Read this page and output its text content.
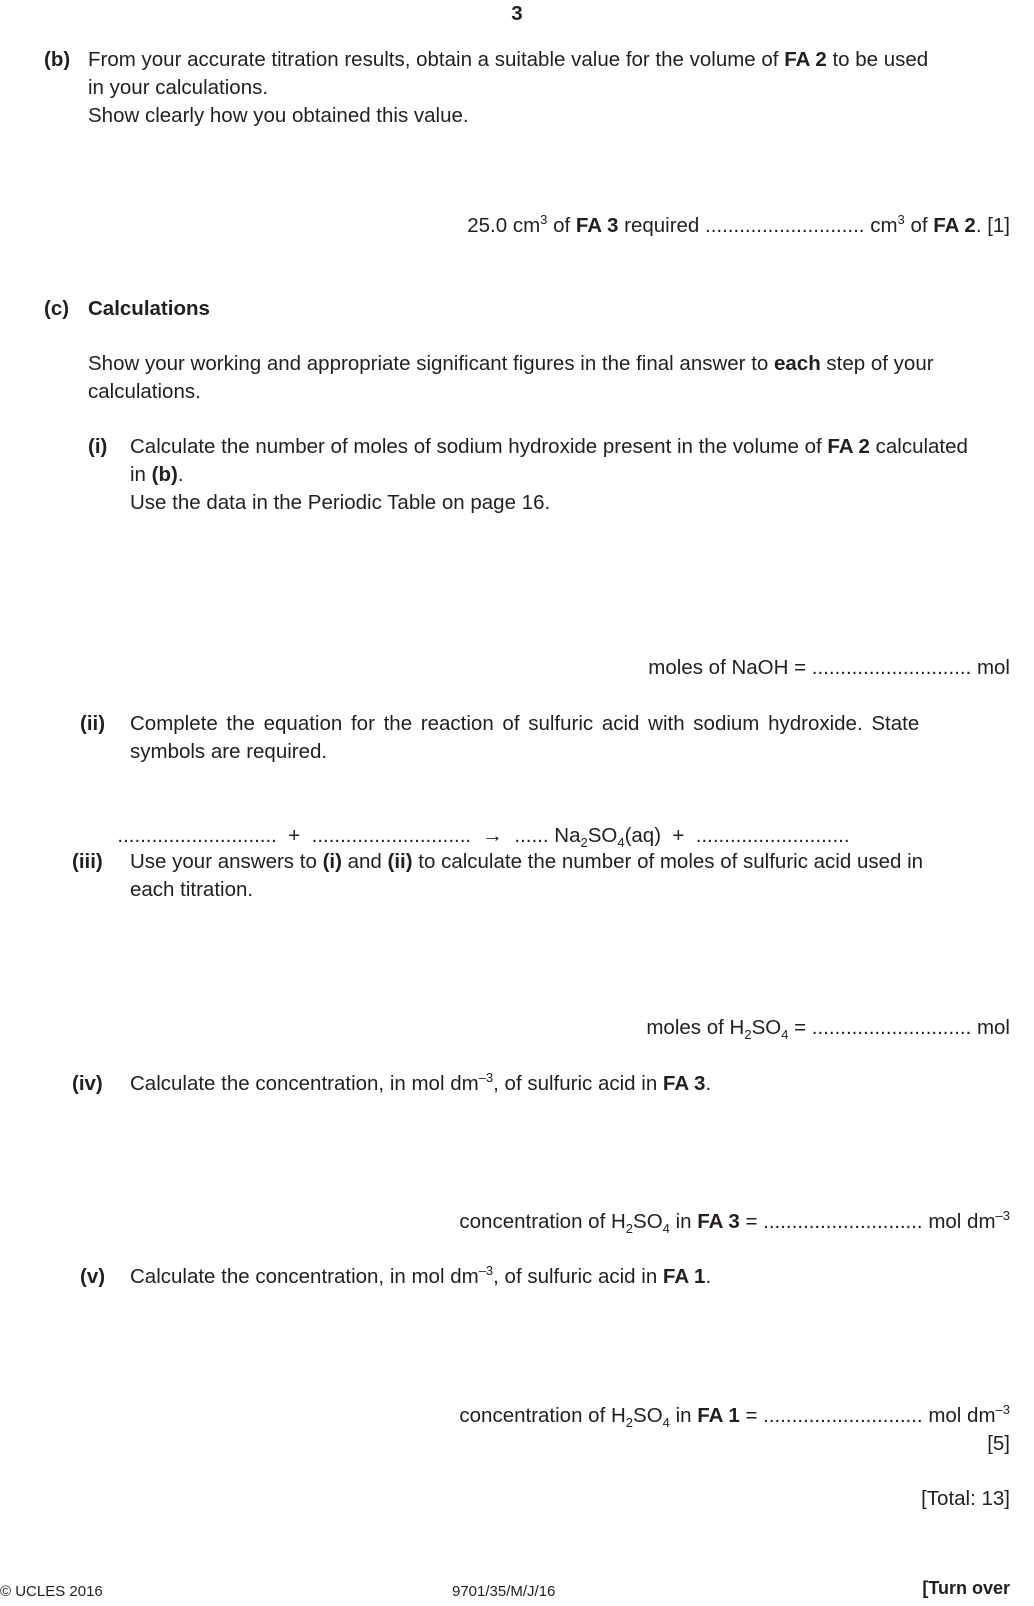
3
(b) From your accurate titration results, obtain a suitable value for the volume of FA 2 to be used
in your calculations.
Show clearly how you obtained this value.
25.0 $cm^3$ of FA 3 required ............................ $cm^3$ of FA 2. [1]
(c) Calculations
Show your working and appropriate significant figures in the final answer to each step of your
calculations.
(i) Calculate the number of moles of sodium hydroxide present in the volume of FA 2 calculated
in (b).
Use the data in the Periodic Table on page 16.
moles of NaOH = ............................ mol
(ii) Complete the equation for the reaction of sulfuric acid with sodium hydroxide. State
symbols are required.

............................  +  ............................  →  ...... $Na_2SO_4(aq)$  +  ...........................

(iii) Use your answers to (i) and (ii) to calculate the number of moles of sulfuric acid used in
each titration.
moles of $H_2SO_4$ = ............................ mol
(iv) Calculate the concentration, in mol $dm^{-3}$, of sulfuric acid in FA 3.
concentration of $H_2SO_4$ in FA 3 = ............................ mol $dm^{-3}$
(v) Calculate the concentration, in mol $dm^{-3}$, of sulfuric acid in FA 1.
concentration of $H_2SO_4$ in FA 1 = ............................ mol $dm^{-3}$
[5]
[Total: 13]
© UCLES 2016	9701/35/M/J/16	[Turn over
